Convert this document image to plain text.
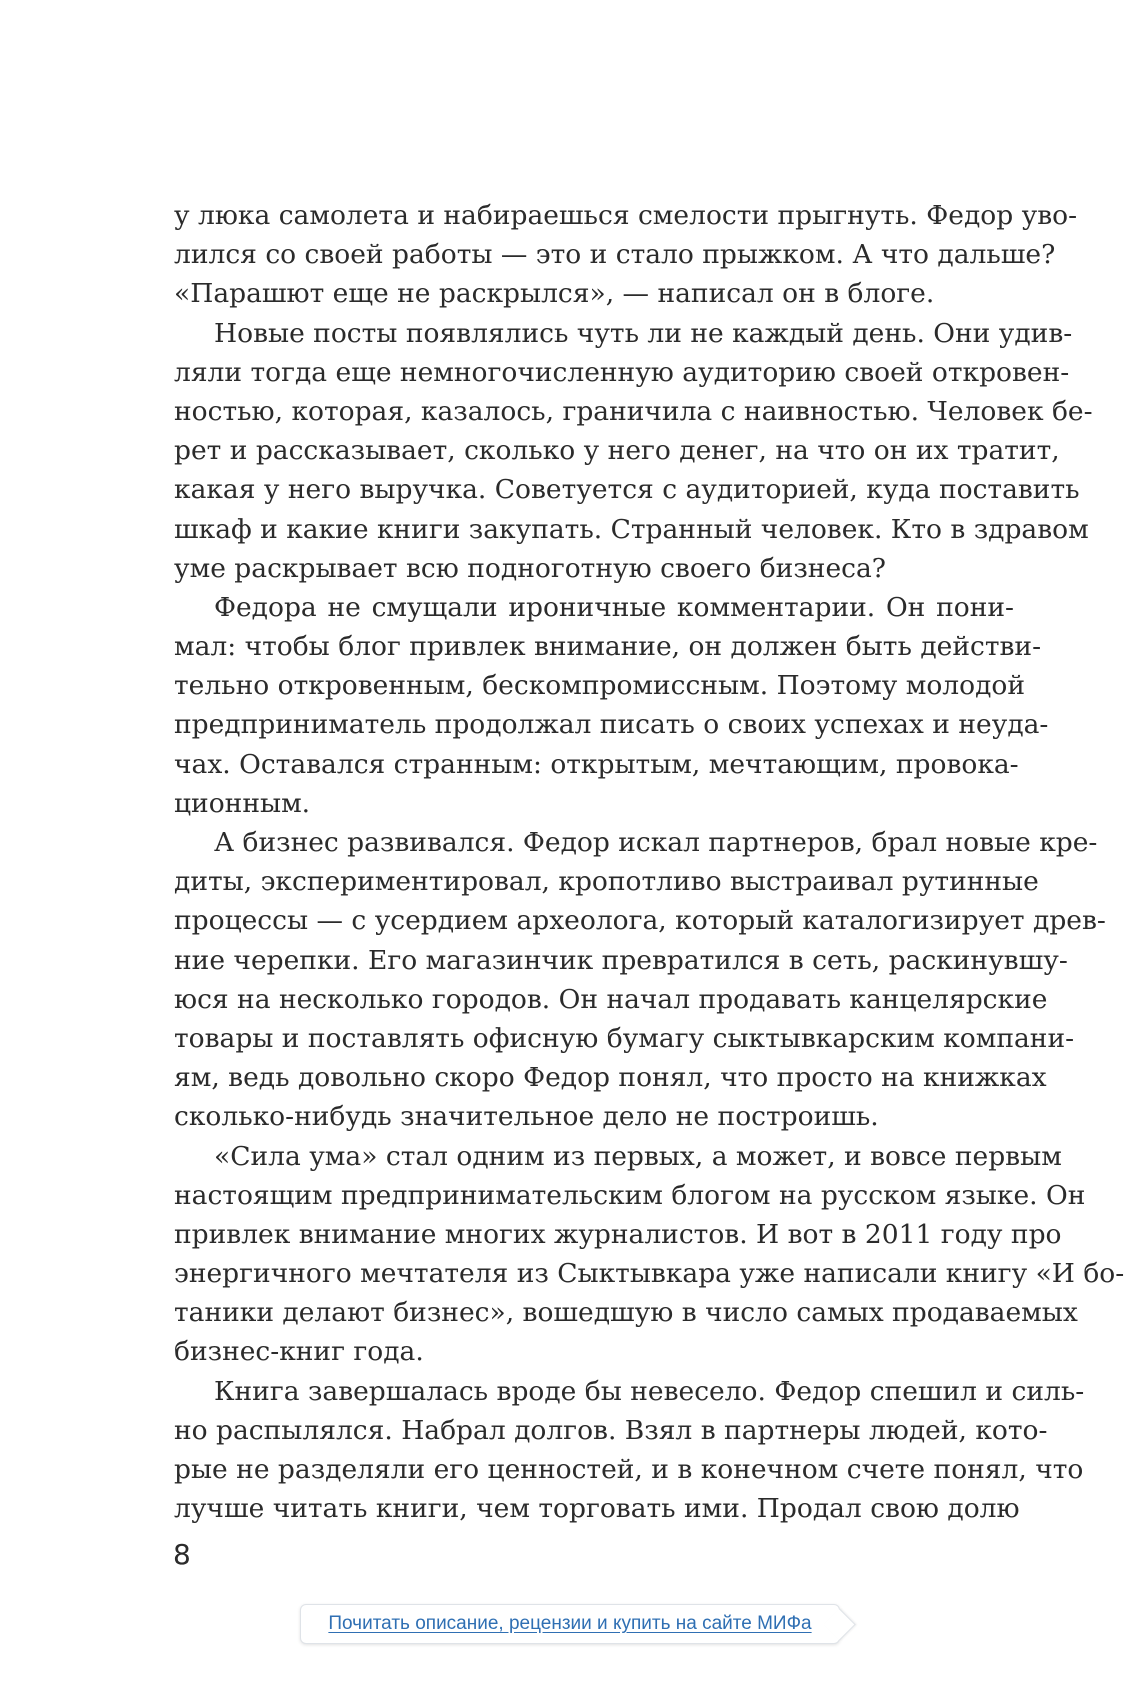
у люка самолета и набираешься смелости прыгнуть. Федор уво-
лился со своей работы — это и стало прыжком. А что дальше?
«Парашют еще не раскрылся», — написал он в блоге.
Новые посты появлялись чуть ли не каждый день. Они удив-
ляли тогда еще немногочисленную аудиторию своей откровен-
ностью, которая, казалось, граничила с наивностью. Человек бе-
рет и рассказывает, сколько у него денег, на что он их тратит,
какая у него выручка. Советуется с аудиторией, куда поставить
шкаф и какие книги закупать. Странный человек. Кто в здравом
уме раскрывает всю подноготную своего бизнеса?
Федора не смущали ироничные комментарии. Он пони-
мал: чтобы блог привлек внимание, он должен быть действи-
тельно откровенным, бескомпромиссным. Поэтому молодой
предприниматель продолжал писать о своих успехах и неуда-
чах. Оставался странным: открытым, мечтающим, провока-
ционным.
А бизнес развивался. Федор искал партнеров, брал новые кре-
диты, экспериментировал, кропотливо выстраивал рутинные
процессы — с усердием археолога, который каталогизирует древ-
ние черепки. Его магазинчик превратился в сеть, раскинувшу-
юся на несколько городов. Он начал продавать канцелярские
товары и поставлять офисную бумагу сыктывкарским компани-
ям, ведь довольно скоро Федор понял, что просто на книжках
сколько-нибудь значительное дело не построишь.
«Сила ума» стал одним из первых, а может, и вовсе первым
настоящим предпринимательским блогом на русском языке. Он
привлек внимание многих журналистов. И вот в 2011 году про
энергичного мечтателя из Сыктывкара уже написали книгу «И бо-
таники делают бизнес», вошедшую в число самых продаваемых
бизнес-книг года.
Книга завершалась вроде бы невесело. Федор спешил и силь-
но распылялся. Набрал долгов. Взял в партнеры людей, кото-
рые не разделяли его ценностей, и в конечном счете понял, что
лучше читать книги, чем торговать ими. Продал свою долю
8
Почитать описание, рецензии и купить на сайте МИФа
